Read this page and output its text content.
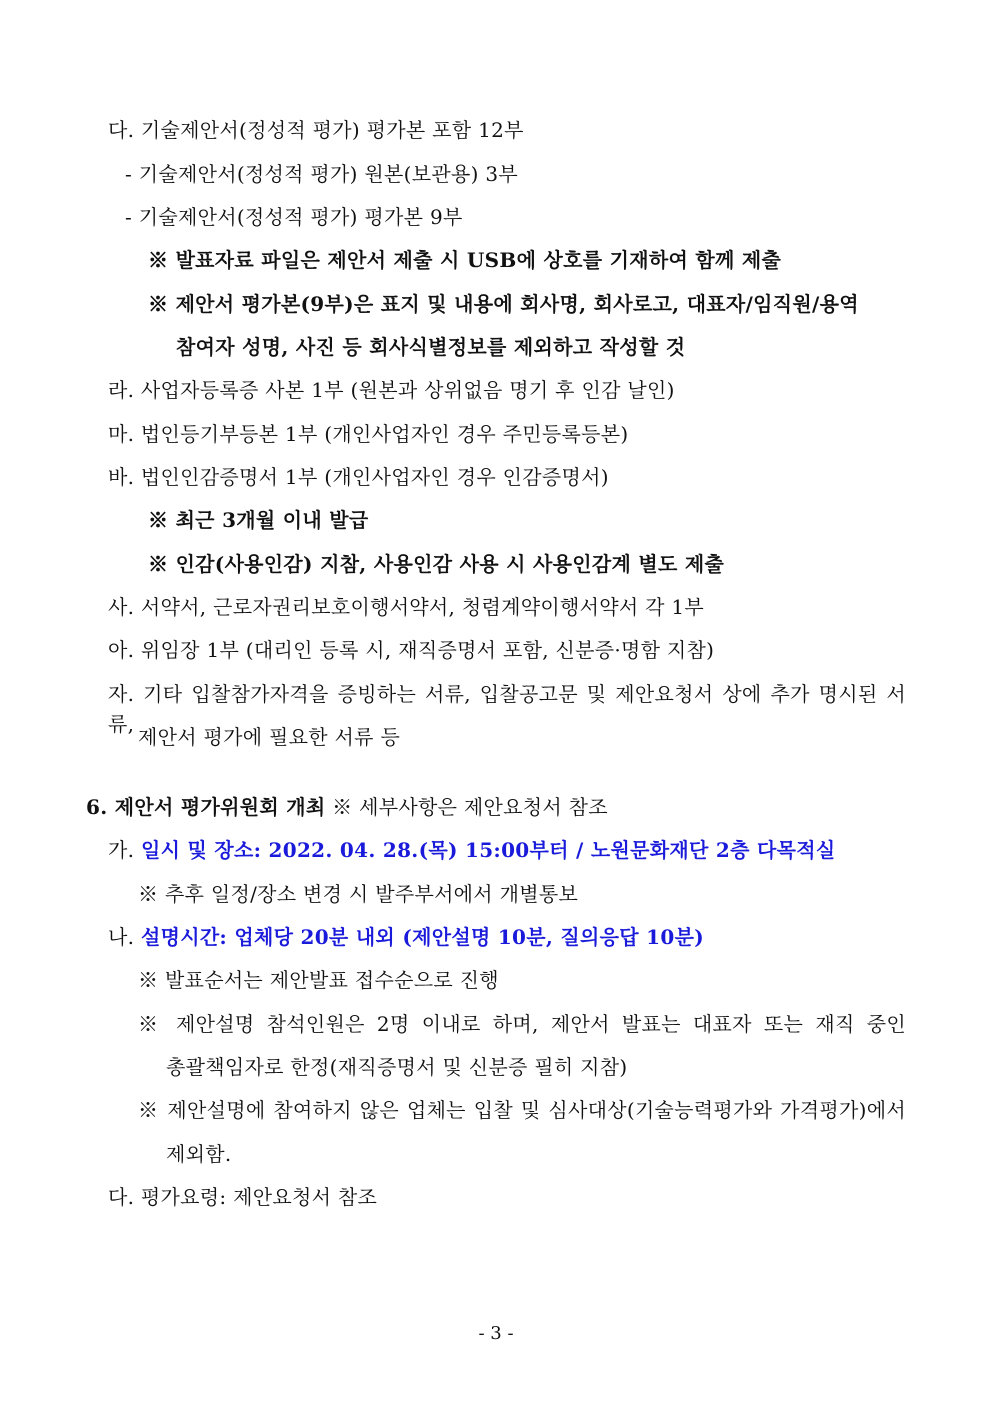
다. 기술제안서(정성적 평가) 평가본 포함 12부
- 기술제안서(정성적 평가) 원본(보관용) 3부
- 기술제안서(정성적 평가) 평가본 9부
※ 발표자료 파일은 제안서 제출 시 USB에 상호를 기재하여 함께 제출
※ 제안서 평가본(9부)은 표지 및 내용에 회사명, 회사로고, 대표자/임직원/용역
참여자 성명, 사진 등 회사식별정보를 제외하고 작성할 것
라. 사업자등록증 사본 1부 (원본과 상위없음 명기 후 인감 날인)
마. 법인등기부등본 1부 (개인사업자인 경우 주민등록등본)
바. 법인인감증명서 1부 (개인사업자인 경우 인감증명서)
※ 최근 3개월 이내 발급
※ 인감(사용인감) 지참, 사용인감 사용 시 사용인감계 별도 제출
사. 서약서, 근로자권리보호이행서약서, 청렴계약이행서약서 각 1부
아. 위임장 1부 (대리인 등록 시, 재직증명서 포함, 신분증·명함 지참)
자. 기타 입찰참가자격을 증빙하는 서류, 입찰공고문 및 제안요청서 상에 추가 명시된 서류,
제안서 평가에 필요한 서류 등
6. 제안서 평가위원회 개최 ※ 세부사항은 제안요청서 참조
가. 일시 및 장소: 2022. 04. 28.(목) 15:00부터 / 노원문화재단 2층 다목적실
※ 추후 일정/장소 변경 시 발주부서에서 개별통보
나. 설명시간: 업체당 20분 내외 (제안설명 10분, 질의응답 10분)
※ 발표순서는 제안발표 접수순으로 진행
※ 제안설명 참석인원은 2명 이내로 하며, 제안서 발표는 대표자 또는 재직 중인
총괄책임자로 한정(재직증명서 및 신분증 필히 지참)
※ 제안설명에 참여하지 않은 업체는 입찰 및 심사대상(기술능력평가와 가격평가)에서
제외함.
다. 평가요령: 제안요청서 참조
- 3 -
